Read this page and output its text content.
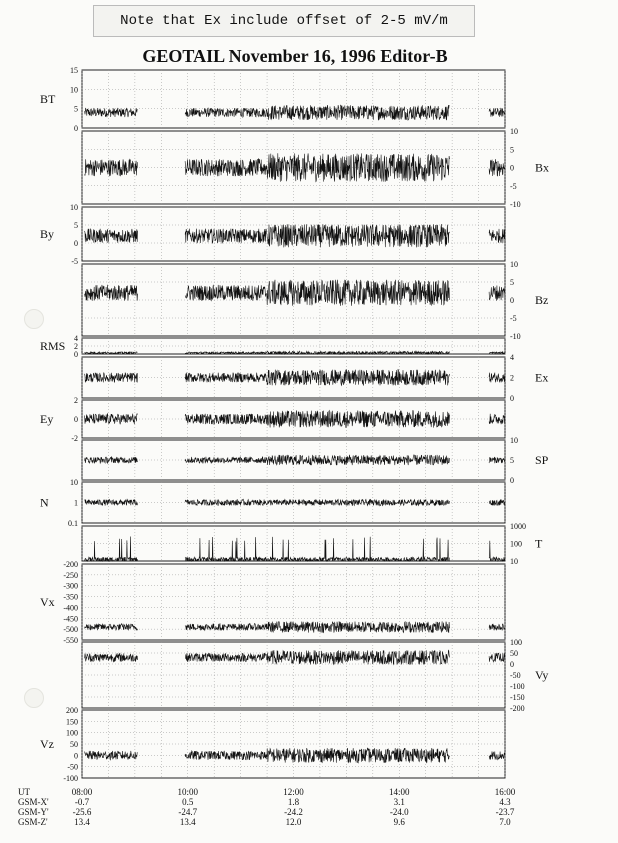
Note that Ex include offset of 2-5 mV/m
GEOTAIL November 16, 1996 Editor-B
15
10
5
0
BT
10
5
0
-5
-10
Bx
10
5
0
-5
By
10
5
0
-5
-10
Bz
4
2
0
RMS
4
2
0
Ex
2
0
-2
Ey
10
5
0
SP
10
1
0.1
N
1000
100
10
T
-200
-250
-300
-350
-400
-450
-500
-550
Vx
100
50
0
-50
-100
-150
-200
Vy
200
150
100
50
0
-50
-100
Vz
UT	08:00	10:00	12:00	14:00	16:00
GSM-X'	-0.7	0.5	1.8	3.1	4.3
GSM-Y'	-25.6	-24.7	-24.2	-24.0	-23.7
GSM-Z'	13.4	13.4	12.0	9.6	7.0
